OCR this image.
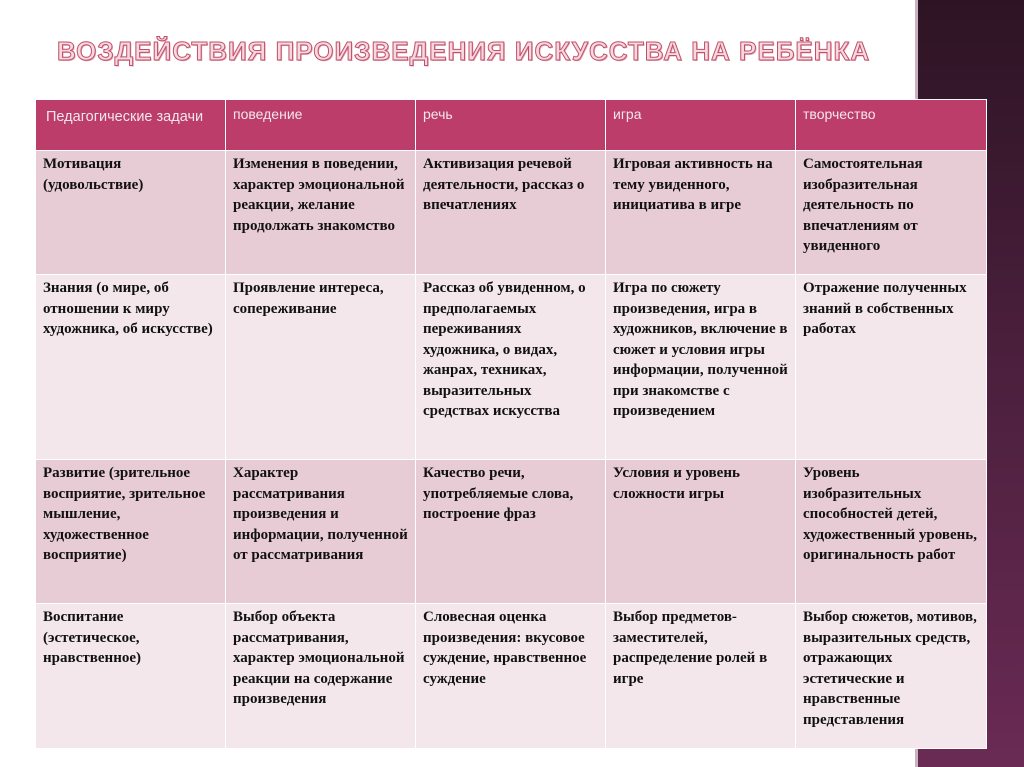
ВОЗДЕЙСТВИЯ ПРОИЗВЕДЕНИЯ ИСКУССТВА НА РЕБЁНКА
Педагогические задачи	поведение	речь	игра	творчество
Мотивация (удовольствие)	Изменения в поведении, характер эмоциональной реакции, желание продолжать знакомство	Активизация речевой деятельности, рассказ о впечатлениях	Игровая активность на тему увиденного, инициатива в игре	Самостоятельная изобразительная деятельность по впечатлениям от увиденного
Знания (о мире, об отношении к миру художника, об искусстве)	Проявление интереса, сопереживание	Рассказ об увиденном, о предполагаемых переживаниях художника, о видах, жанрах, техниках, выразительных средствах искусства	Игра по сюжету произведения, игра в художников, включение в сюжет и условия игры информации, полученной при знакомстве с произведением	Отражение полученных знаний в собственных работах
Развитие (зрительное восприятие, зрительное мышление, художественное восприятие)	Характер рассматривания произведения и информации, полученной от рассматривания	Качество речи, употребляемые слова, построение фраз	Условия и уровень сложности игры	Уровень изобразительных способностей детей, художественный уровень, оригинальность работ
Воспитание (эстетическое, нравственное)	Выбор объекта рассматривания, характер эмоциональной реакции на содержание произведения	Словесная оценка произведения: вкусовое суждение, нравственное суждение	Выбор предметов-заместителей, распределение ролей в игре	Выбор сюжетов, мотивов, выразительных средств, отражающих эстетические и нравственные представления
